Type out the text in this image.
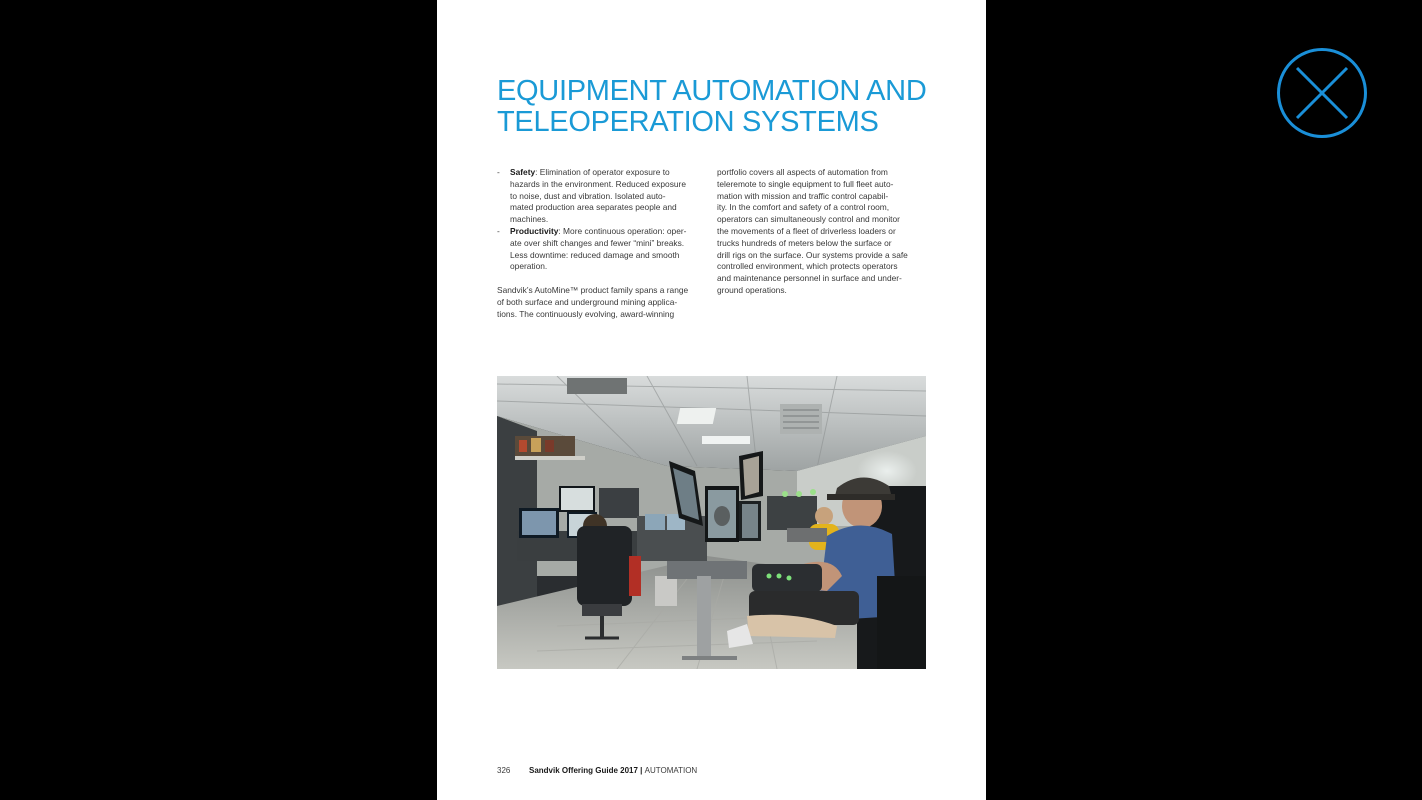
EQUIPMENT AUTOMATION AND
TELEOPERATION SYSTEMS
- Safety: Elimination of operator exposure to
hazards in the environment. Reduced exposure
to noise, dust and vibration. Isolated auto-
mated production area separates people and
machines.
- Productivity: More continuous operation: oper-
ate over shift changes and fewer “mini” breaks.
Less downtime: reduced damage and smooth
operation.
Sandvik’s AutoMine™ product family spans a range
of both surface and underground mining applica-
tions. The continuously evolving, award-winning
portfolio covers all aspects of automation from
teleremote to single equipment to full fleet auto-
mation with mission and traffic control capabil-
ity. In the comfort and safety of a control room,
operators can simultaneously control and monitor
the movements of a fleet of driverless loaders or
trucks hundreds of meters below the surface or
drill rigs on the surface. Our systems provide a safe
controlled environment, which protects operators
and maintenance personnel in surface and under-
ground operations.
326 Sandvik Offering Guide 2017 | AUTOMATION
